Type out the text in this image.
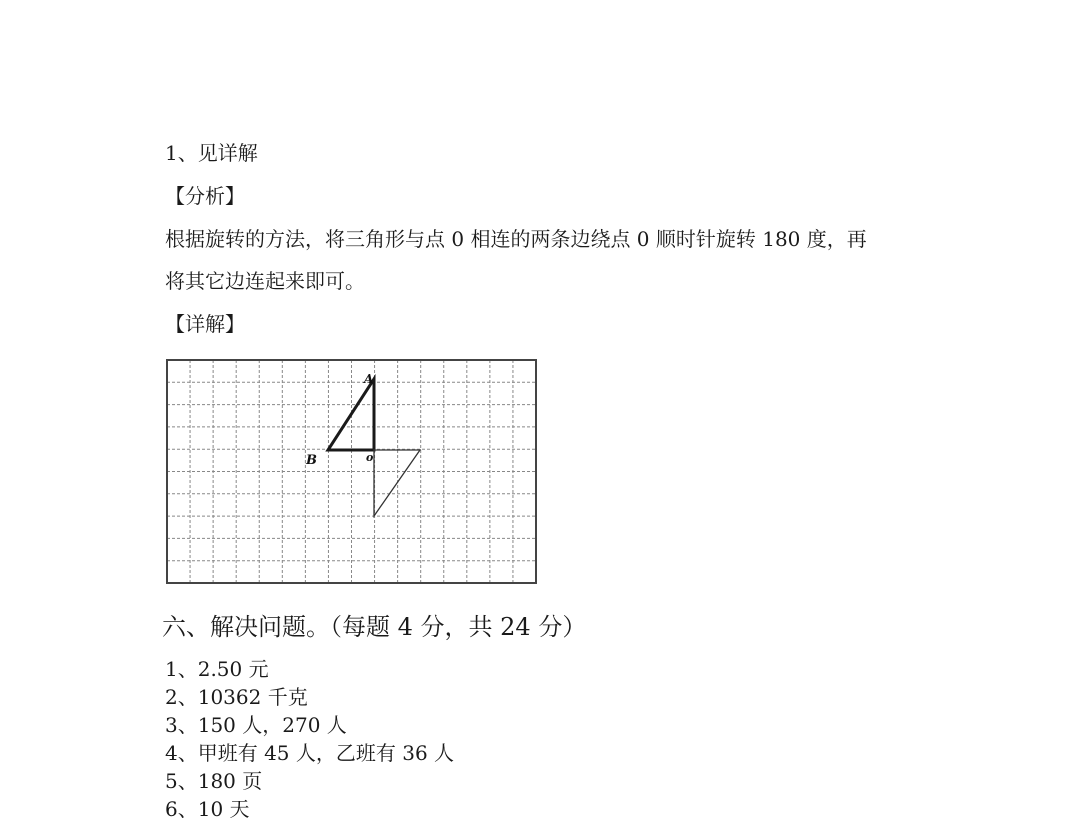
1、见详解
【分析】
根据旋转的方法，将三角形与点 0 相连的两条边绕点 0 顺时针旋转 180 度，再
将其它边连起来即可。
【详解】
A
B	o
六、解决问题。（每题 4 分，共 24 分）
1、2.50 元
2、10362 千克
3、150 人，270 人
4、甲班有 45 人，乙班有 36 人
5、180 页
6、10 天
